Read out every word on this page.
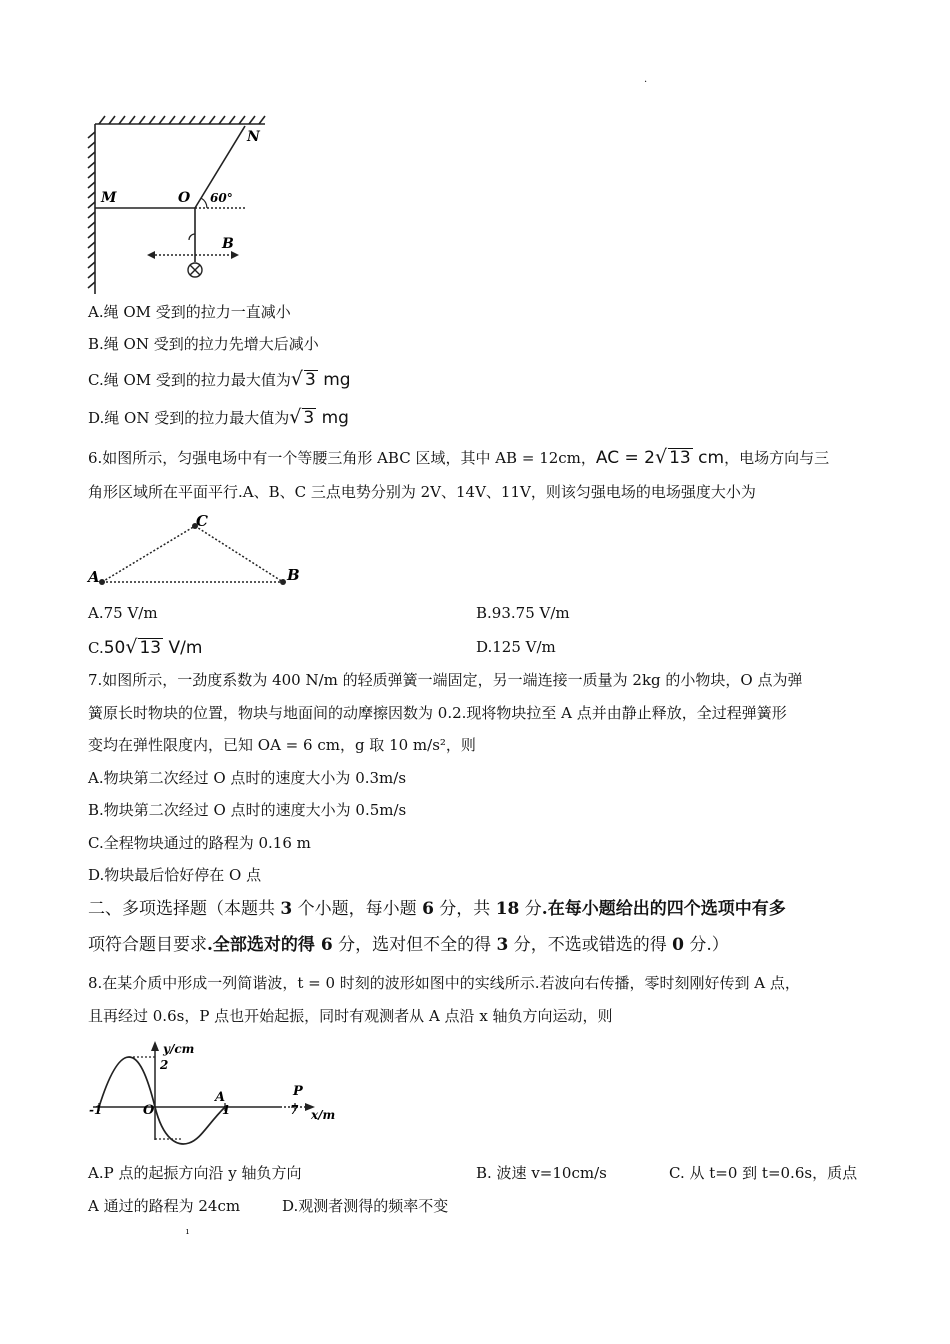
.
M	O
N
60°
B
A.绳 OM 受到的拉力一直减小
B.绳 ON 受到的拉力先增大后减小
C.绳 OM 受到的拉力最大值为√ 3 mg
D.绳 ON 受到的拉力最大值为√ 3 mg
6.如图所示，匀强电场中有一个等腰三角形 ABC 区域，其中 AB = 12cm，AC = 2√ 13 cm，电场方向与三
角形区域所在平面平行.A、B、C 三点电势分别为 2V、14V、11V，则该匀强电场的电场强度大小为
A	B
C
A.75 V/m	B.93.75 V/m
C.50√ 13 V/m	D.125 V/m
7.如图所示，一劲度系数为 400 N/m 的轻质弹簧一端固定，另一端连接一质量为 2kg 的小物块，O 点为弹
簧原长时物块的位置，物块与地面间的动摩擦因数为 0.2.现将物块拉至 A 点并由静止释放，全过程弹簧形
变均在弹性限度内，已知 OA = 6 cm，g 取 10 m/s²，则
A.物块第二次经过 O 点时的速度大小为 0.3m/s
B.物块第二次经过 O 点时的速度大小为 0.5m/s
C.全程物块通过的路程为 0.16 m
D.物块最后恰好停在 O 点
二、多项选择题（本题共 3 个小题，每小题 6 分，共 18 分.在每小题给出的四个选项中有多
项符合题目要求.全部选对的得 6 分，选对但不全的得 3 分，不选或错选的得 0 分.）
8.在某介质中形成一列简谐波，t = 0 时刻的波形如图中的实线所示.若波向右传播，零时刻刚好传到 A 点，
且再经过 0.6s，P 点也开始起振，同时有观测者从 A 点沿 x 轴负方向运动，则
y/cm
x/m
2
-1	O	1
A	P
7
A.P 点的起振方向沿 y 轴负方向	B. 波速 v=10cm/s	C. 从 t=0 到 t=0.6s，质点
A 通过的路程为 24cm	D.观测者测得的频率不变
ı
